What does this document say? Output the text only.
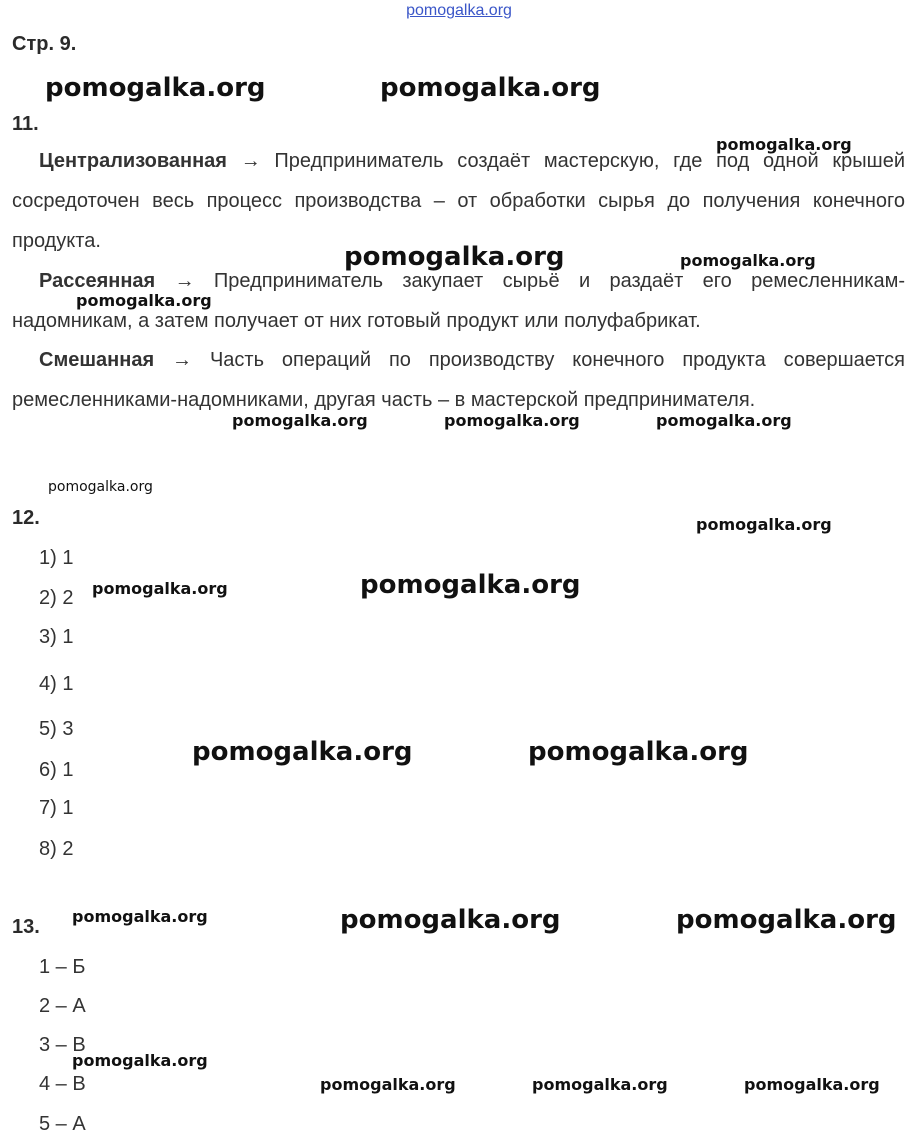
pomogalka.org
Стр. 9.
11.
Централизованная → Предприниматель создаёт мастерскую, где под одной крышей сосредоточен весь процесс производства – от обработки сырья до получения конечного продукта.
Рассеянная → Предприниматель закупает сырьё и раздаёт его ремесленникам-надомникам, а затем получает от них готовый продукт или полуфабрикат.
Смешанная → Часть операций по производству конечного продукта совершается ремесленниками-надомниками, другая часть – в мастерской предпринимателя.
12.
1) 1
2) 2
3) 1
4) 1
5) 3
6) 1
7) 1
8) 2
13.
1 – Б
2 – А
3 – В
4 – В
5 – А
pomogalka.org	pomogalka.org
pomogalka.org
pomogalka.org	pomogalka.org
pomogalka.org
pomogalka.org	pomogalka.org	pomogalka.org
pomogalka.org
pomogalka.org
pomogalka.org	pomogalka.org
pomogalka.org	pomogalka.org
pomogalka.org	pomogalka.org	pomogalka.org
pomogalka.org
pomogalka.org	pomogalka.org	pomogalka.org
